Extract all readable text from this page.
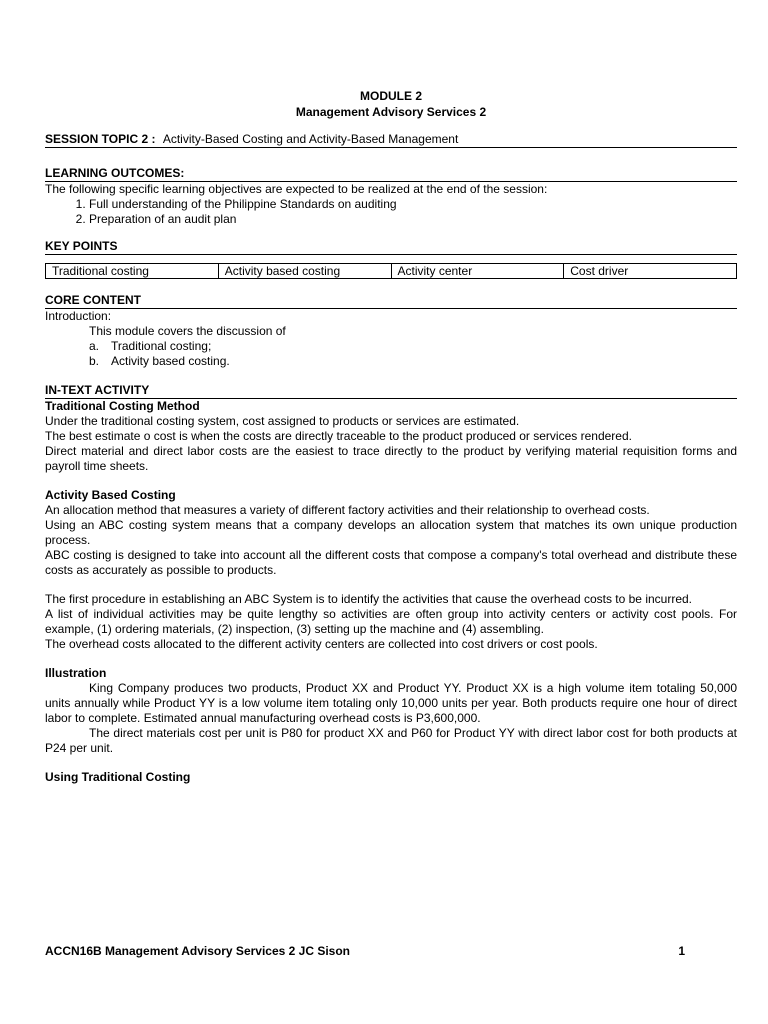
MODULE 2
Management Advisory Services 2
SESSION TOPIC 2 : Activity-Based Costing and Activity-Based Management
LEARNING OUTCOMES:

The following specific learning objectives are expected to be realized at the end of the session:

1. Full understanding of the Philippine Standards on auditing
2. Preparation of an audit plan
KEY POINTS
Traditional costing	Activity based costing	Activity center	Cost driver
CORE CONTENT

Introduction:

This module covers the discussion of

a. Traditional costing;
b. Activity based costing.
IN-TEXT ACTIVITY

Traditional Costing Method

Under the traditional costing system, cost assigned to products or services are estimated.

The best estimate o cost is when the costs are directly traceable to the product produced or services rendered.

Direct material and direct labor costs are the easiest to trace directly to the product by verifying material requisition forms and payroll time sheets.

Activity Based Costing

An allocation method that measures a variety of different factory activities and their relationship to overhead costs.

Using an ABC costing system means that a company develops an allocation system that matches its own unique production process.

ABC costing is designed to take into account all the different costs that compose a company's total overhead and distribute these costs as accurately as possible to products.

The first procedure in establishing an ABC System is to identify the activities that cause the overhead costs to be incurred.

A list of individual activities may be quite lengthy so activities are often group into activity centers or activity cost pools. For example, (1) ordering materials, (2) inspection, (3) setting up the machine and (4) assembling.

The overhead costs allocated to the different activity centers are collected into cost drivers or cost pools.

Illustration

King Company produces two products, Product XX and Product YY. Product XX is a high volume item totaling 50,000 units annually while Product YY is a low volume item totaling only 10,000 units per year. Both products require one hour of direct labor to complete. Estimated annual manufacturing overhead costs is P3,600,000.

The direct materials cost per unit is P80 for product XX and P60 for Product YY with direct labor cost for both products at P24 per unit.

Using Traditional Costing

ACCN16B Management Advisory Services 2 JC Sison	1
